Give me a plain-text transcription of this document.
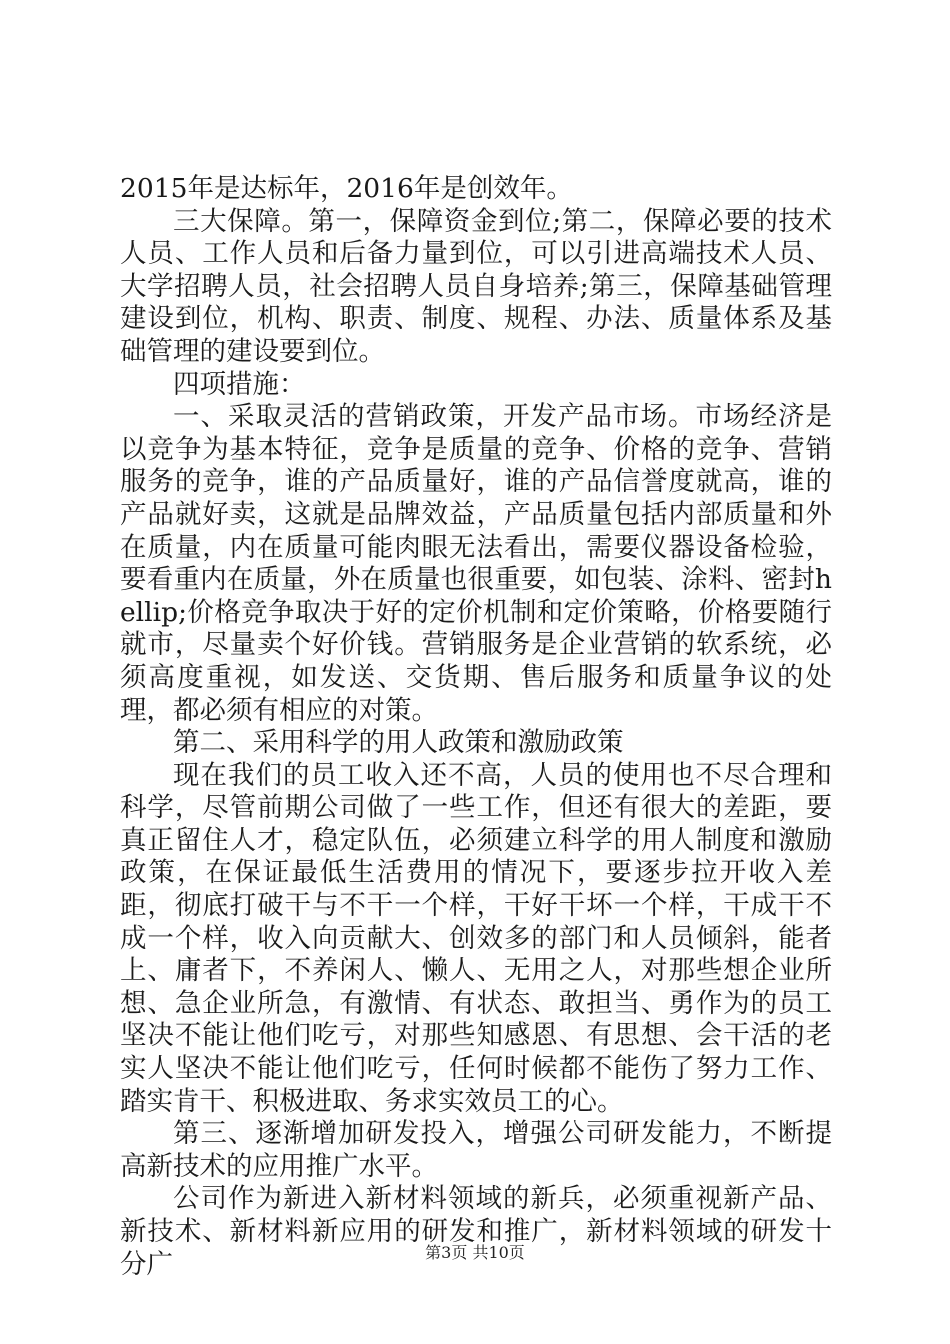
2015年是达标年，2016年是创效年。

三大保障。第一，保障资金到位;第二，保障必要的技术人员、工作人员和后备力量到位，可以引进高端技术人员、大学招聘人员，社会招聘人员自身培养;第三，保障基础管理建设到位，机构、职责、制度、规程、办法、质量体系及基础管理的建设要到位。

四项措施：

一、采取灵活的营销政策，开发产品市场。市场经济是以竞争为基本特征，竞争是质量的竞争、价格的竞争、营销服务的竞争，谁的产品质量好，谁的产品信誉度就高，谁的产品就好卖，这就是品牌效益，产品质量包括内部质量和外在质量，内在质量可能肉眼无法看出，需要仪器设备检验，要看重内在质量，外在质量也很重要，如包装、涂料、密封hellip;价格竞争取决于好的定价机制和定价策略，价格要随行就市，尽量卖个好价钱。营销服务是企业营销的软系统，必须高度重视，如发送、交货期、售后服务和质量争议的处理，都必须有相应的对策。

第二、采用科学的用人政策和激励政策

现在我们的员工收入还不高，人员的使用也不尽合理和科学，尽管前期公司做了一些工作，但还有很大的差距，要真正留住人才，稳定队伍，必须建立科学的用人制度和激励政策，在保证最低生活费用的情况下，要逐步拉开收入差距，彻底打破干与不干一个样，干好干坏一个样，干成干不成一个样，收入向贡献大、创效多的部门和人员倾斜，能者上、庸者下，不养闲人、懒人、无用之人，对那些想企业所想、急企业所急，有激情、有状态、敢担当、勇作为的员工坚决不能让他们吃亏，对那些知感恩、有思想、会干活的老实人坚决不能让他们吃亏，任何时候都不能伤了努力工作、踏实肯干、积极进取、务求实效员工的心。

第三、逐渐增加研发投入，增强公司研发能力，不断提高新技术的应用推广水平。

公司作为新进入新材料领域的新兵，必须重视新产品、新技术、新材料新应用的研发和推广，新材料领域的研发十分广	第3页 共10页
